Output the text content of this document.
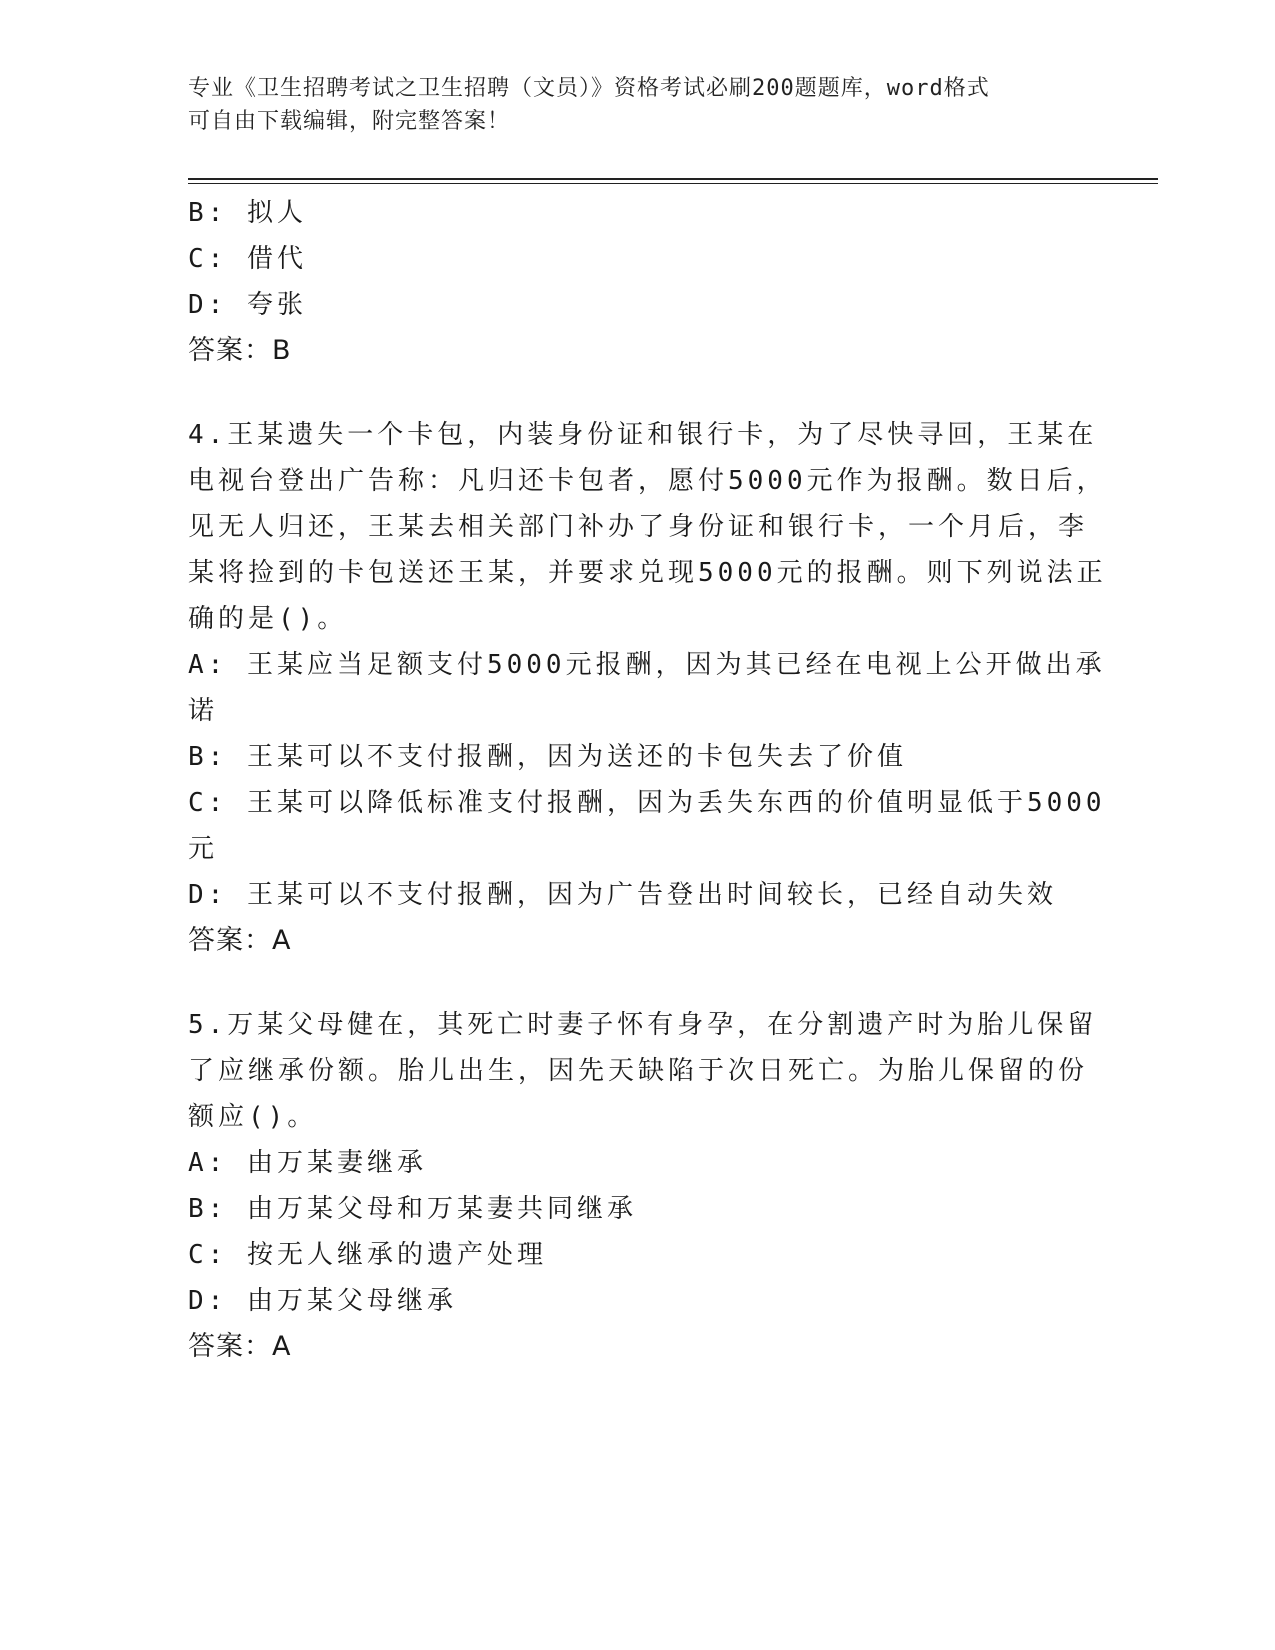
专业《卫生招聘考试之卫生招聘（文员）》资格考试必刷200题题库，word格式
可自由下载编辑，附完整答案！
B: 拟人
C: 借代
D: 夸张
答案：B
4.王某遗失一个卡包，内装身份证和银行卡，为了尽快寻回，王某在
电视台登出广告称：凡归还卡包者，愿付5000元作为报酬。数日后，
见无人归还，王某去相关部门补办了身份证和银行卡，一个月后，李
某将捡到的卡包送还王某，并要求兑现5000元的报酬。则下列说法正
确的是()。
A: 王某应当足额支付5000元报酬，因为其已经在电视上公开做出承
诺
B: 王某可以不支付报酬，因为送还的卡包失去了价值
C: 王某可以降低标准支付报酬，因为丢失东西的价值明显低于5000
元
D: 王某可以不支付报酬，因为广告登出时间较长，已经自动失效
答案：A
5.万某父母健在，其死亡时妻子怀有身孕，在分割遗产时为胎儿保留
了应继承份额。胎儿出生，因先天缺陷于次日死亡。为胎儿保留的份
额应()。
A: 由万某妻继承
B: 由万某父母和万某妻共同继承
C: 按无人继承的遗产处理
D: 由万某父母继承
答案：A
